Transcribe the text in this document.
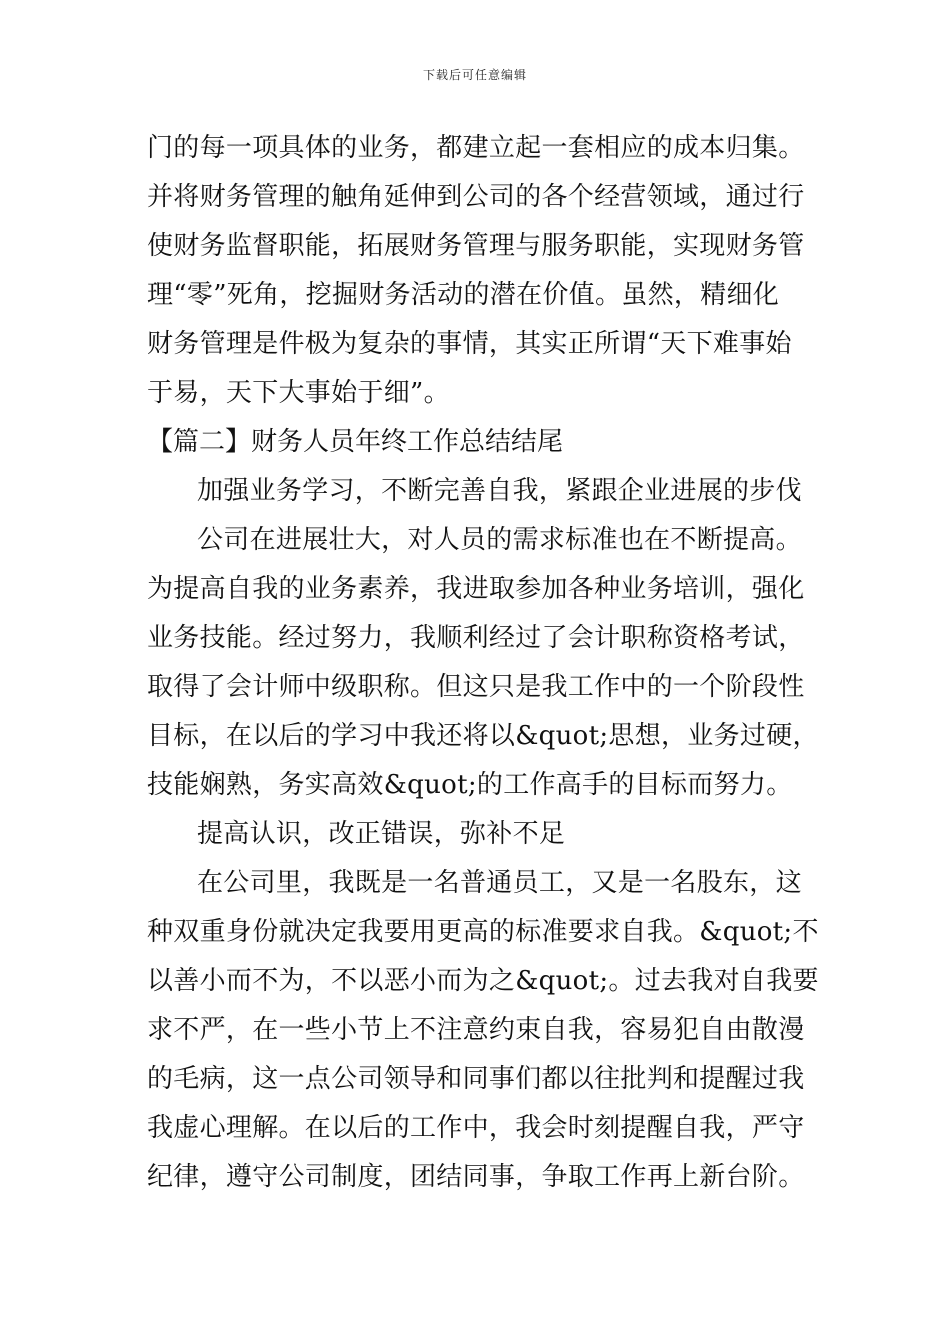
下载后可任意编辑
门的每一项具体的业务，都建立起一套相应的成本归集。
并将财务管理的触角延伸到公司的各个经营领域，通过行
使财务监督职能，拓展财务管理与服务职能，实现财务管
理“零”死角，挖掘财务活动的潜在价值。虽然，精细化
财务管理是件极为复杂的事情，其实正所谓“天下难事始
于易，天下大事始于细”。
【篇二】财务人员年终工作总结结尾
加强业务学习，不断完善自我，紧跟企业进展的步伐
公司在进展壮大，对人员的需求标准也在不断提高。
为提高自我的业务素养，我进取参加各种业务培训，强化
业务技能。经过努力，我顺利经过了会计职称资格考试，
取得了会计师中级职称。但这只是我工作中的一个阶段性
目标，在以后的学习中我还将以&quot;思想，业务过硬，
技能娴熟，务实高效&quot;的工作高手的目标而努力。
提高认识，改正错误，弥补不足
在公司里，我既是一名普通员工，又是一名股东，这
种双重身份就决定我要用更高的标准要求自我。&quot;不
以善小而不为，不以恶小而为之&quot;。过去我对自我要
求不严，在一些小节上不注意约束自我，容易犯自由散漫
的毛病，这一点公司领导和同事们都以往批判和提醒过我
我虚心理解。在以后的工作中，我会时刻提醒自我，严守
纪律，遵守公司制度，团结同事，争取工作再上新台阶。
